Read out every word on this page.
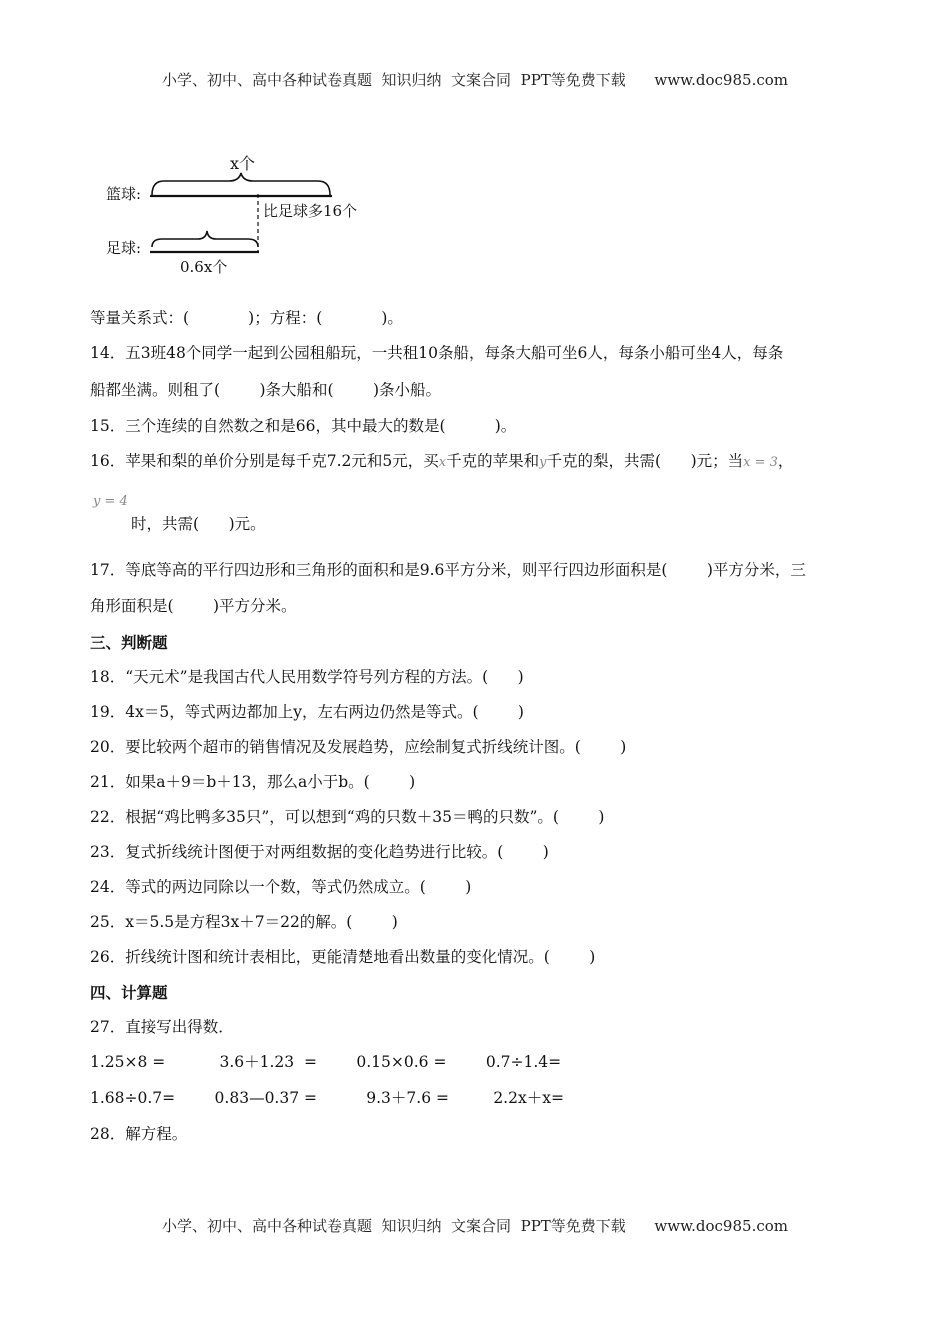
小学、初中、高中各种试卷真题  知识归纳  文案合同  PPT等免费下载      www.doc985.com
x个
篮球:
比足球多16个
足球:
0.6x个
等量关系式：(            )；方程：(            )。
14．五3班48个同学一起到公园租船玩，一共租10条船，每条大船可坐6人，每条小船可坐4人，每条
船都坐满。则租了(        )条大船和(        )条小船。
15．三个连续的自然数之和是66，其中最大的数是(          )。
16．苹果和梨的单价分别是每千克7.2元和5元，买x千克的苹果和y千克的梨，共需(      )元；当x = 3，
y = 4
时，共需(      )元。
17．等底等高的平行四边形和三角形的面积和是9.6平方分米，则平行四边形面积是(        )平方分米，三
角形面积是(        )平方分米。
三、判断题
18．“天元术”是我国古代人民用数学符号列方程的方法。(      )
19．4x＝5，等式两边都加上y，左右两边仍然是等式。(        )
20．要比较两个超市的销售情况及发展趋势，应绘制复式折线统计图。(        )
21．如果a＋9＝b＋13，那么a小于b。(        )
22．根据“鸡比鸭多35只”，可以想到“鸡的只数＋35＝鸭的只数”。(        )
23．复式折线统计图便于对两组数据的变化趋势进行比较。(        )
24．等式的两边同除以一个数，等式仍然成立。(        )
25．x＝5.5是方程3x＋7＝22的解。(        )
26．折线统计图和统计表相比，更能清楚地看出数量的变化情况。(        )
四、计算题
27．直接写出得数．
1.25×8 =           3.6＋1.23  =        0.15×0.6 =        0.7÷1.4=
1.68÷0.7=        0.83—0.37 =          9.3＋7.6 =         2.2x＋x=
28．解方程。
小学、初中、高中各种试卷真题  知识归纳  文案合同  PPT等免费下载      www.doc985.com
